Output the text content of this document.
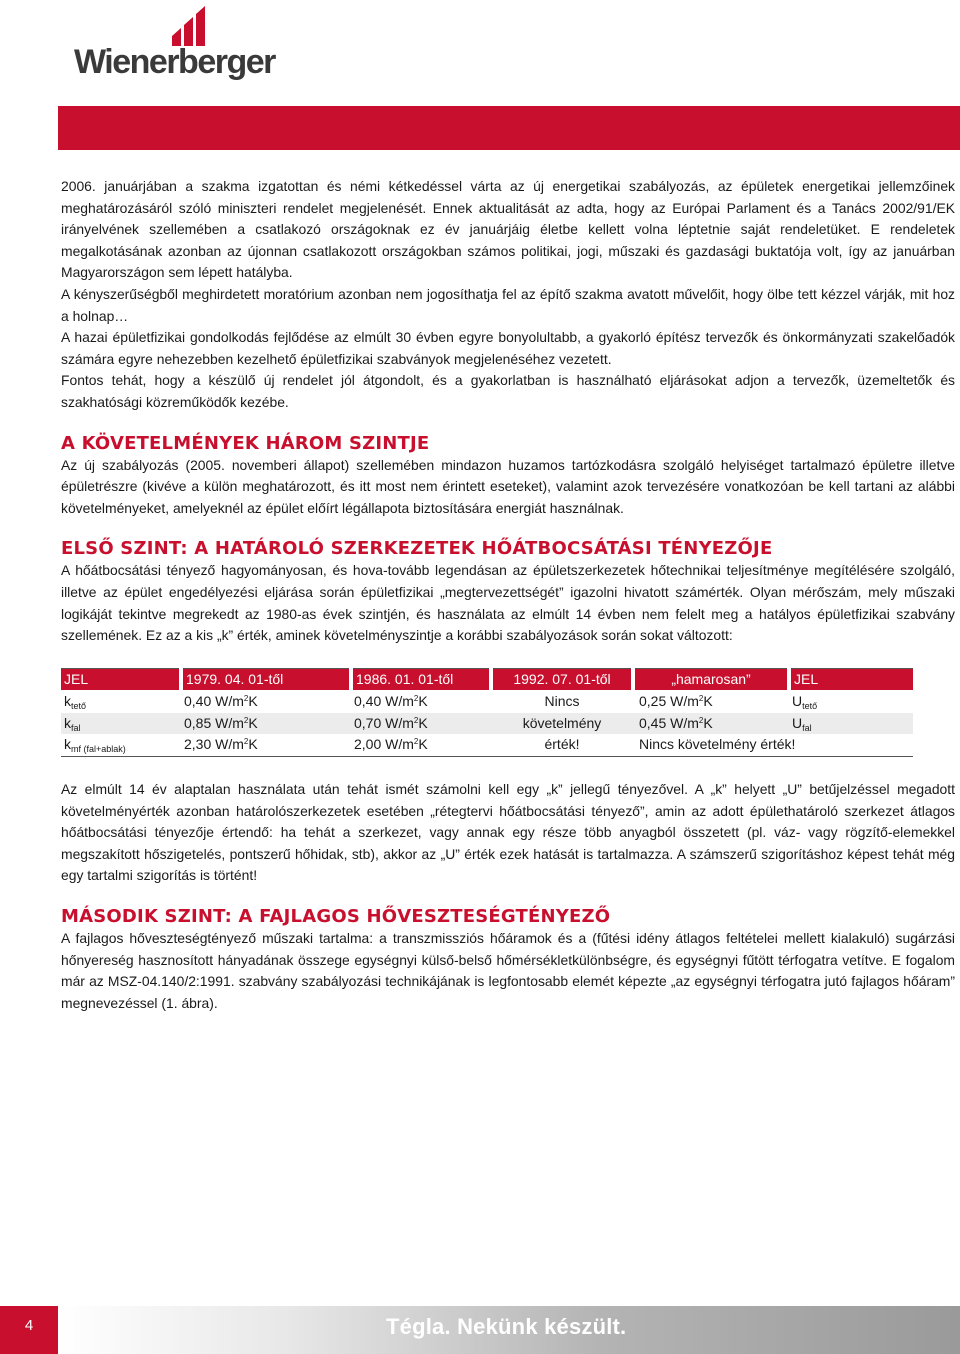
Wienerberger

2006. januárjában a szakma izgatottan és némi kétkedéssel várta az új energetikai szabályozás, az épületek energetikai jellemzőinek meghatározásáról szóló miniszteri rendelet megjelenését. Ennek aktualitását az adta, hogy az Európai Parlament és a Tanács 2002/91/EK irányelvének szellemében a csatlakozó országoknak ez év januárjáig életbe kellett volna léptetnie saját rendeletüket. E rendeletek megalkotásának azonban az újonnan csatlakozott országokban számos politikai, jogi, műszaki és gazdasági buktatója volt, így az januárban Magyarországon sem lépett hatályba.

A kényszerűségből meghirdetett moratórium azonban nem jogosíthatja fel az építő szakma avatott művelőit, hogy ölbe tett kézzel várják, mit hoz a holnap…

A hazai épületfizikai gondolkodás fejlődése az elmúlt 30 évben egyre bonyolultabb, a gyakorló építész tervezők és önkormányzati szakelőadók számára egyre nehezebben kezelhető épületfizikai szabványok megjelenéséhez vezetett.

Fontos tehát, hogy a készülő új rendelet jól átgondolt, és a gyakorlatban is használható eljárásokat adjon a tervezők, üzemeltetők és szakhatósági közreműködők kezébe.

A KÖVETELMÉNYEK HÁROM SZINTJE

Az új szabályozás (2005. novemberi állapot) szellemében mindazon huzamos tartózkodásra szolgáló helyiséget tartalmazó épületre illetve épületrészre (kivéve a külön meghatározott, és itt most nem érintett eseteket), valamint azok tervezésére vonatkozóan be kell tartani az alábbi követelményeket, amelyeknél az épület előírt légállapota biztosítására energiát használnak.

ELSŐ SZINT: A HATÁROLÓ SZERKEZETEK HŐÁTBOCSÁTÁSI TÉNYEZŐJE

A hőátbocsátási tényező hagyományosan, és hova-tovább legendásan az épületszerkezetek hőtechnikai teljesítménye megítélésére szolgáló, illetve az épület engedélyezési eljárása során épületfizikai „megtervezettségét” igazolni hivatott számérték. Olyan mérőszám, mely műszaki logikáját tekintve megrekedt az 1980-as évek szintjén, és használata az elmúlt 14 évben nem felelt meg a hatályos épületfizikai szabvány szellemének. Ez az a kis „k” érték, aminek követelményszintje a korábbi szabályozások során sokat változott:

JEL	1979. 04. 01-től	1986. 01. 01-től	1992. 07. 01-től	„hamarosan”	JEL
$k_{tető}$	0,40 $W/m^2K$	0,40 $W/m^2K$	Nincs	0,25 $W/m^2K$	$U_{tető}$
$k_{fal}$	0,85 $W/m^2K$	0,70 $W/m^2K$	követelmény	0,45 $W/m^2K$	$U_{fal}$
$k_{mf (fal+ablak)}$	2,30 $W/m^2K$	2,00 $W/m^2K$	érték!	Nincs követelmény érték!	

Az elmúlt 14 év alaptalan használata után tehát ismét számolni kell egy „k” jellegű tényezővel. A „k” helyett „U” betűjelzéssel megadott követelményérték azonban határolószerkezetek esetében „rétegtervi hőátbocsátási tényező”, amin az adott épülethatároló szerkezet átlagos hőátbocsátási tényezője értendő: ha tehát a szerkezet, vagy annak egy része több anyagból összetett (pl. váz- vagy rögzítő-elemekkel megszakított hőszigetelés, pontszerű hőhidak, stb), akkor az „U” érték ezek hatását is tartalmazza. A számszerű szigorításhoz képest tehát még egy tartalmi szigorítás is történt!

MÁSODIK SZINT: A FAJLAGOS HŐVESZTESÉGTÉNYEZŐ

A fajlagos hőveszteségtényező műszaki tartalma: a transzmissziós hőáramok és a (fűtési idény átlagos feltételei mellett kialakuló) sugárzási hőnyereség hasznosított hányadának összege egységnyi külső-belső hőmérsékletkülönbségre, és egységnyi fűtött térfogatra vetítve. E fogalom már az MSZ-04.140/2:1991. szabvány szabályozási technikájának is legfontosabb elemét képezte „az egységnyi térfogatra jutó fajlagos hőáram” megnevezéssel (1. ábra).

4	Tégla. Nekünk készült.
